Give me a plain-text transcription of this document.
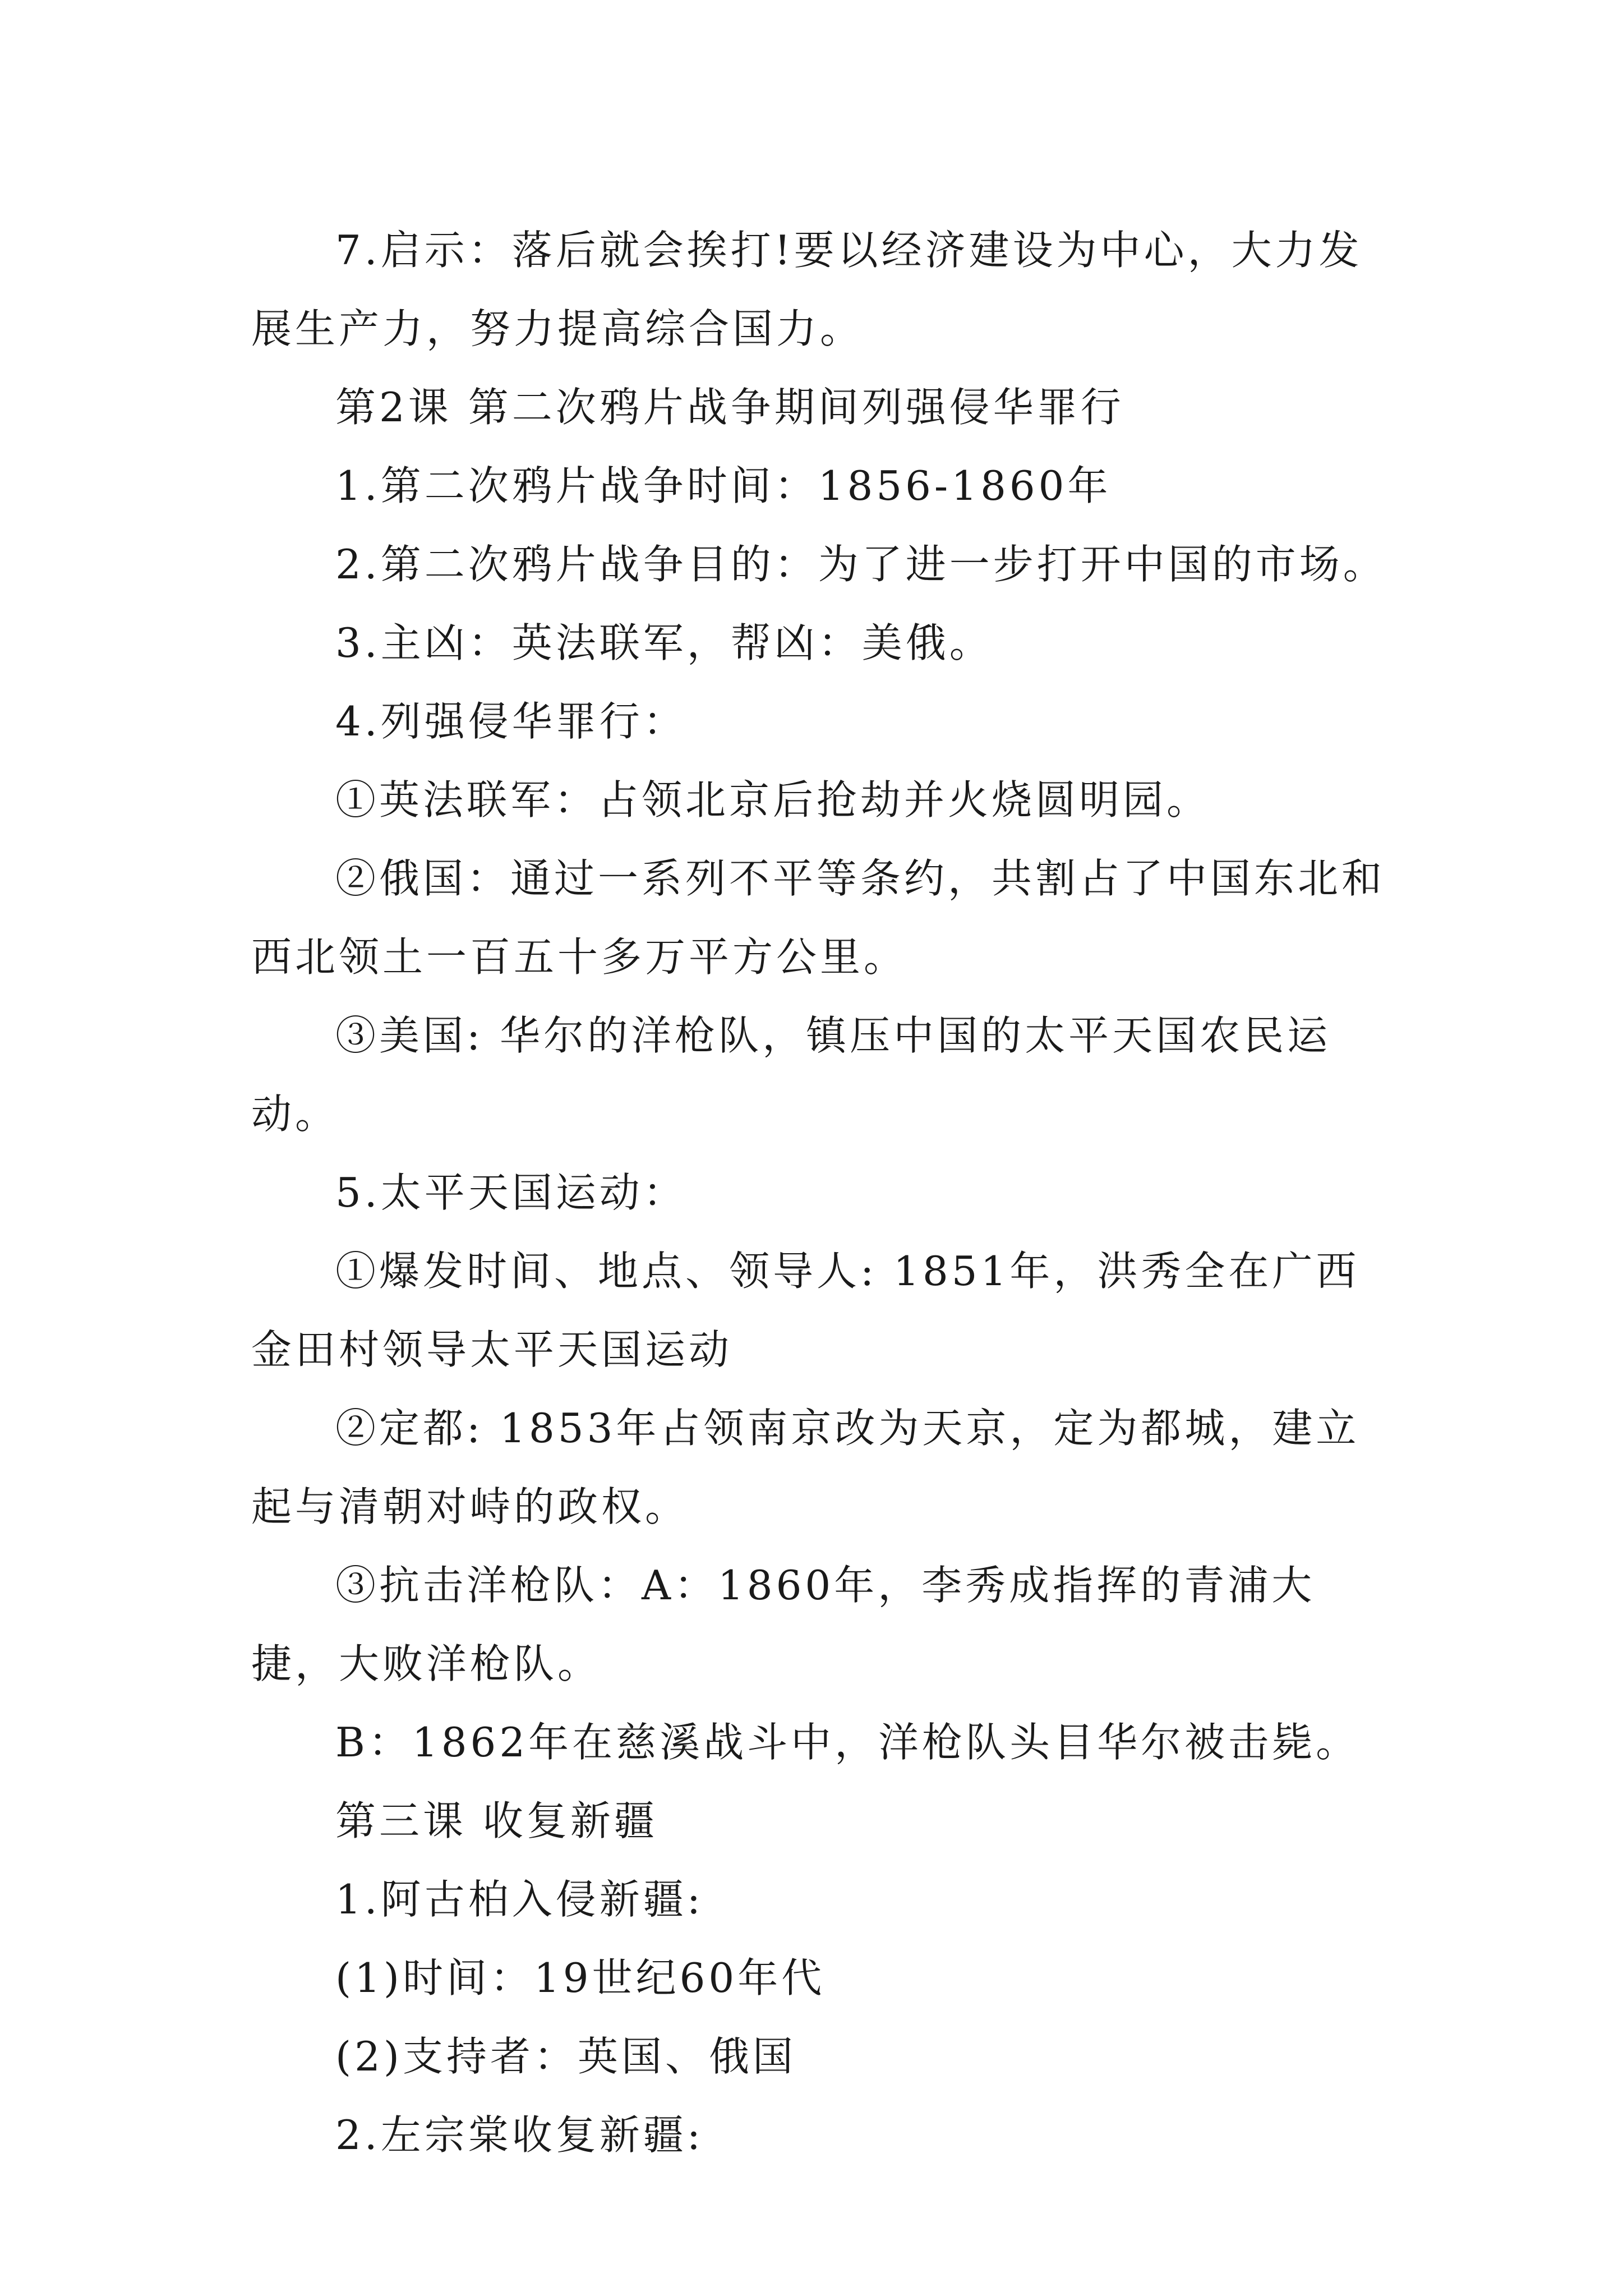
7.启示：落后就会挨打!要以经济建设为中心，大力发展生产力，努力提高综合国力。

第2课 第二次鸦片战争期间列强侵华罪行

1.第二次鸦片战争时间：1856-1860年

2.第二次鸦片战争目的：为了进一步打开中国的市场。

3.主凶：英法联军，帮凶：美俄。

4.列强侵华罪行：

①英法联军：占领北京后抢劫并火烧圆明园。

②俄国：通过一系列不平等条约，共割占了中国东北和西北领土一百五十多万平方公里。

③美国: 华尔的洋枪队，镇压中国的太平天国农民运动。

5.太平天国运动：

①爆发时间、地点、领导人: 1851年，洪秀全在广西金田村领导太平天国运动

②定都: 1853年占领南京改为天京，定为都城，建立起与清朝对峙的政权。

③抗击洋枪队：A：1860年，李秀成指挥的青浦大捷，大败洋枪队。

B：1862年在慈溪战斗中，洋枪队头目华尔被击毙。

第三课 收复新疆

1.阿古柏入侵新疆:

(1)时间：19世纪60年代

(2)支持者：英国、俄国

2.左宗棠收复新疆:
